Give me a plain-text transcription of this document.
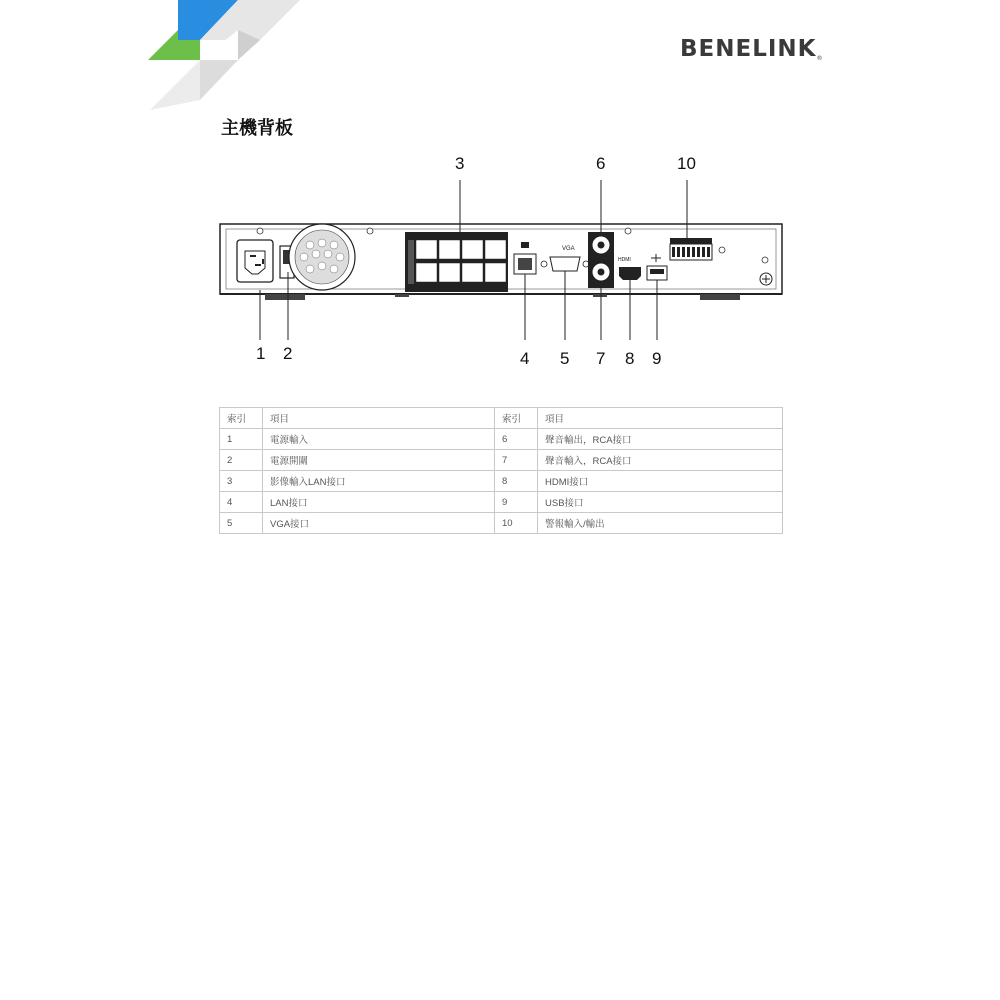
BENELINK®
主機背板
VGA
HDMI
1 2
3
4 5
6
7 8 9
10
索引	項目	索引	項目
1	電源輸入	6	聲音輸出，RCA接口
2	電源開關	7	聲音輸入，RCA接口
3	影像輸入LAN接口	8	HDMI接口
4	LAN接口	9	USB接口
5	VGA接口	10	警報輸入/輸出
